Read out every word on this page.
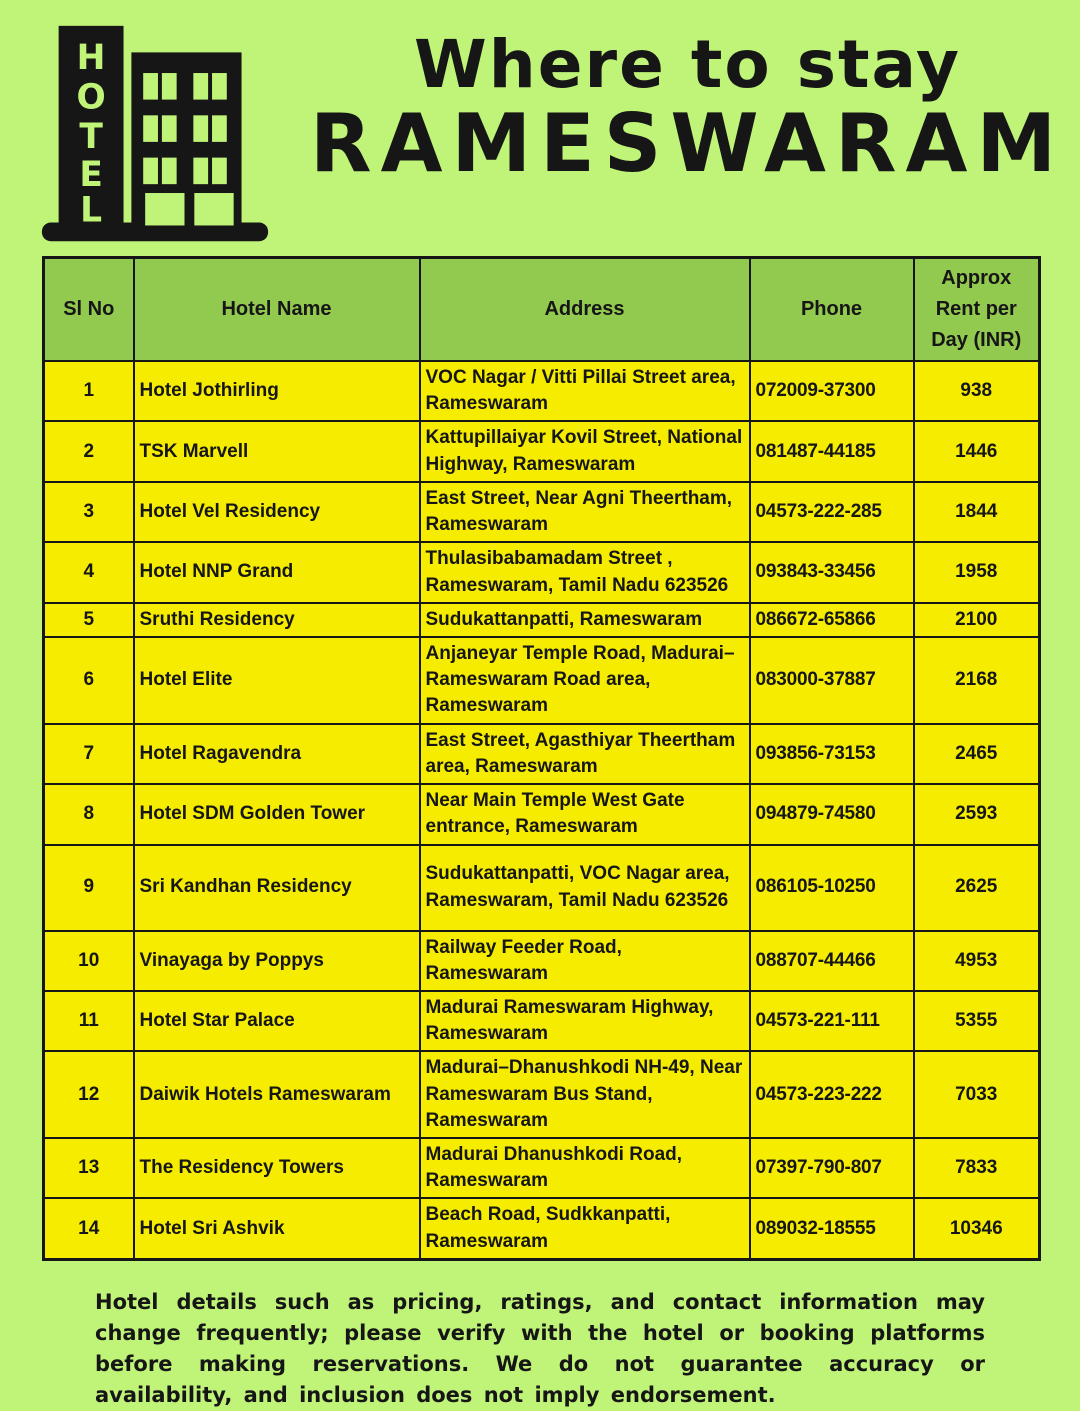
H
O
T
E
L
Where to stay
RAMESWARAM
Sl No	Hotel Name	Address	Phone	Approx Rent per Day (INR)
1	Hotel Jothirling	VOC Nagar / Vitti Pillai Street area, Rameswaram	072009-37300	938
2	TSK Marvell	Kattupillaiyar Kovil Street, National Highway, Rameswaram	081487-44185	1446
3	Hotel Vel Residency	East Street, Near Agni Theertham, Rameswaram	04573-222-285	1844
4	Hotel NNP Grand	Thulasibabamadam Street , Rameswaram, Tamil Nadu 623526	093843-33456	1958
5	Sruthi Residency	Sudukattanpatti, Rameswaram	086672-65866	2100
6	Hotel Elite	Anjaneyar Temple Road, Madurai–Rameswaram Road area, Rameswaram	083000-37887	2168
7	Hotel Ragavendra	East Street, Agasthiyar Theertham area, Rameswaram	093856-73153	2465
8	Hotel SDM Golden Tower	Near Main Temple West Gate entrance, Rameswaram	094879-74580	2593
9	Sri Kandhan Residency	Sudukattanpatti, VOC Nagar area, Rameswaram, Tamil Nadu 623526	086105-10250	2625
10	Vinayaga by Poppys	Railway Feeder Road, Rameswaram	088707-44466	4953
11	Hotel Star Palace	Madurai Rameswaram Highway, Rameswaram	04573-221-111	5355
12	Daiwik Hotels Rameswaram	Madurai–Dhanushkodi NH-49, Near Rameswaram Bus Stand, Rameswaram	04573-223-222	7033
13	The Residency Towers	Madurai Dhanushkodi Road, Rameswaram	07397-790-807	7833
14	Hotel Sri Ashvik	Beach Road, Sudkkanpatti, Rameswaram	089032-18555	10346

Hotel details such as pricing, ratings, and contact information may change frequently; please verify with the hotel or booking platforms before making reservations. We do not guarantee accuracy or availability, and inclusion does not imply endorsement.
